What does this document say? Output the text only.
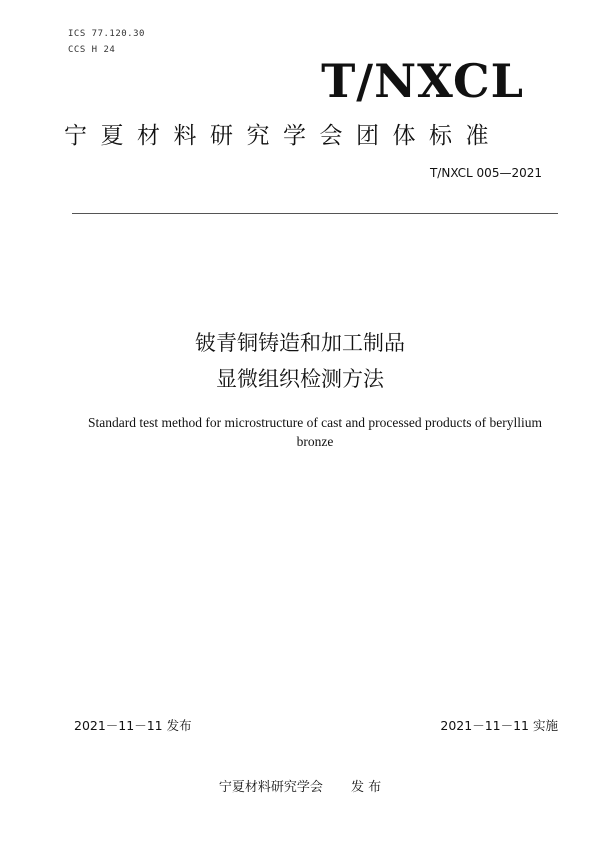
ICS 77.120.30
CCS H 24
T/NXCL
宁夏材料研究学会团体标准
T/NXCL 005—2021
铍青铜铸造和加工制品
显微组织检测方法
Standard test method for microstructure of cast and processed products of beryllium bronze
2021－11－11 发布	2021－11－11 实施
宁夏材料研究学会 发 布
